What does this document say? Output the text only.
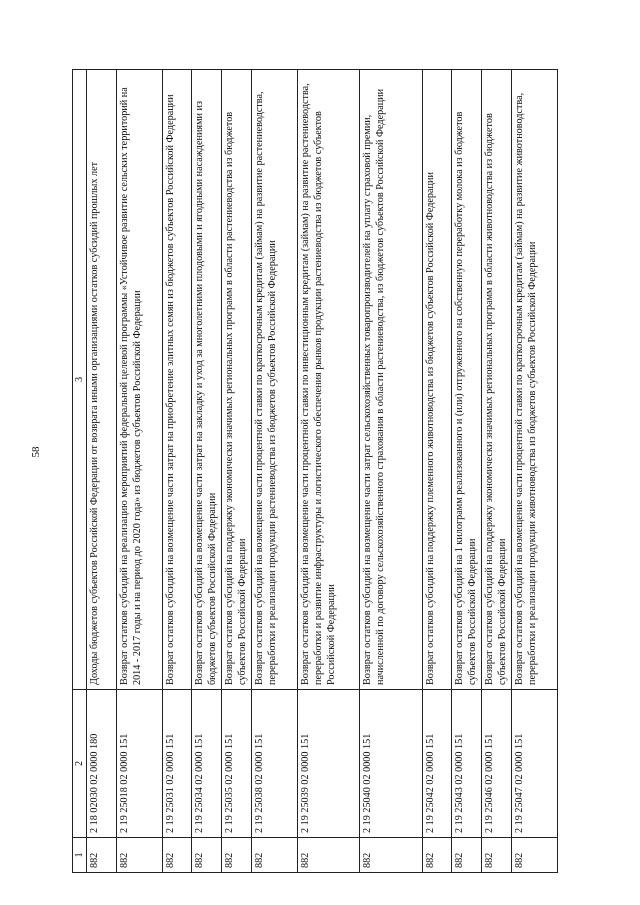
58
1	2	3
882	2 18 02030 02 0000 180	Доходы бюджетов субъектов Российской Федерации от возврата иными организациями остатков субсидий прошлых лет
882	2 19 25018 02 0000 151	Возврат остатков субсидий на реализацию мероприятий федеральной целевой программы «Устойчивое развитие сельских территорий на 2014 - 2017 годы и на период до 2020 года» из бюджетов субъектов Российской Федерации
882	2 19 25031 02 0000 151	Возврат остатков субсидий на возмещение части затрат на приобретение элитных семян из бюджетов субъектов Российской Федерации
882	2 19 25034 02 0000 151	Возврат остатков субсидий на возмещение части затрат на закладку и уход за многолетними плодовыми и ягодными насаждениями из бюджетов субъектов Российской Федерации
882	2 19 25035 02 0000 151	Возврат остатков субсидий на поддержку экономически значимых региональных программ в области растениеводства из бюджетов субъектов Российской Федерации
882	2 19 25038 02 0000 151	Возврат остатков субсидий на возмещение части процентной ставки по краткосрочным кредитам (займам) на развитие растениеводства, переработки и реализации продукции растениеводства из бюджетов субъектов Российской Федерации
882	2 19 25039 02 0000 151	Возврат остатков субсидий на возмещение части процентной ставки по инвестиционным кредитам (займам) на развитие растениеводства, переработки и развитие инфраструктуры и логистического обеспечения рынков продукции растениеводства из бюджетов субъектов Российской Федерации
882	2 19 25040 02 0000 151	Возврат остатков субсидий на возмещение части затрат сельскохозяйственных товаропроизводителей на уплату страховой премии, начисленной по договору сельскохозяйственного страхования в области растениеводства, из бюджетов субъектов Российской Федерации
882	2 19 25042 02 0000 151	Возврат остатков субсидий на поддержку племенного животноводства из бюджетов субъектов Российской Федерации
882	2 19 25043 02 0000 151	Возврат остатков субсидий на 1 килограмм реализованного и (или) отгруженного на собственную переработку молока из бюджетов субъектов Российской Федерации
882	2 19 25046 02 0000 151	Возврат остатков субсидий на поддержку экономически значимых региональных программ в области животноводства из бюджетов субъектов Российской Федерации
882	2 19 25047 02 0000 151	Возврат остатков субсидий на возмещение части процентной ставки по краткосрочным кредитам (займам) на развитие животноводства, переработки и реализации продукции животноводства из бюджетов субъектов Российской Федерации
